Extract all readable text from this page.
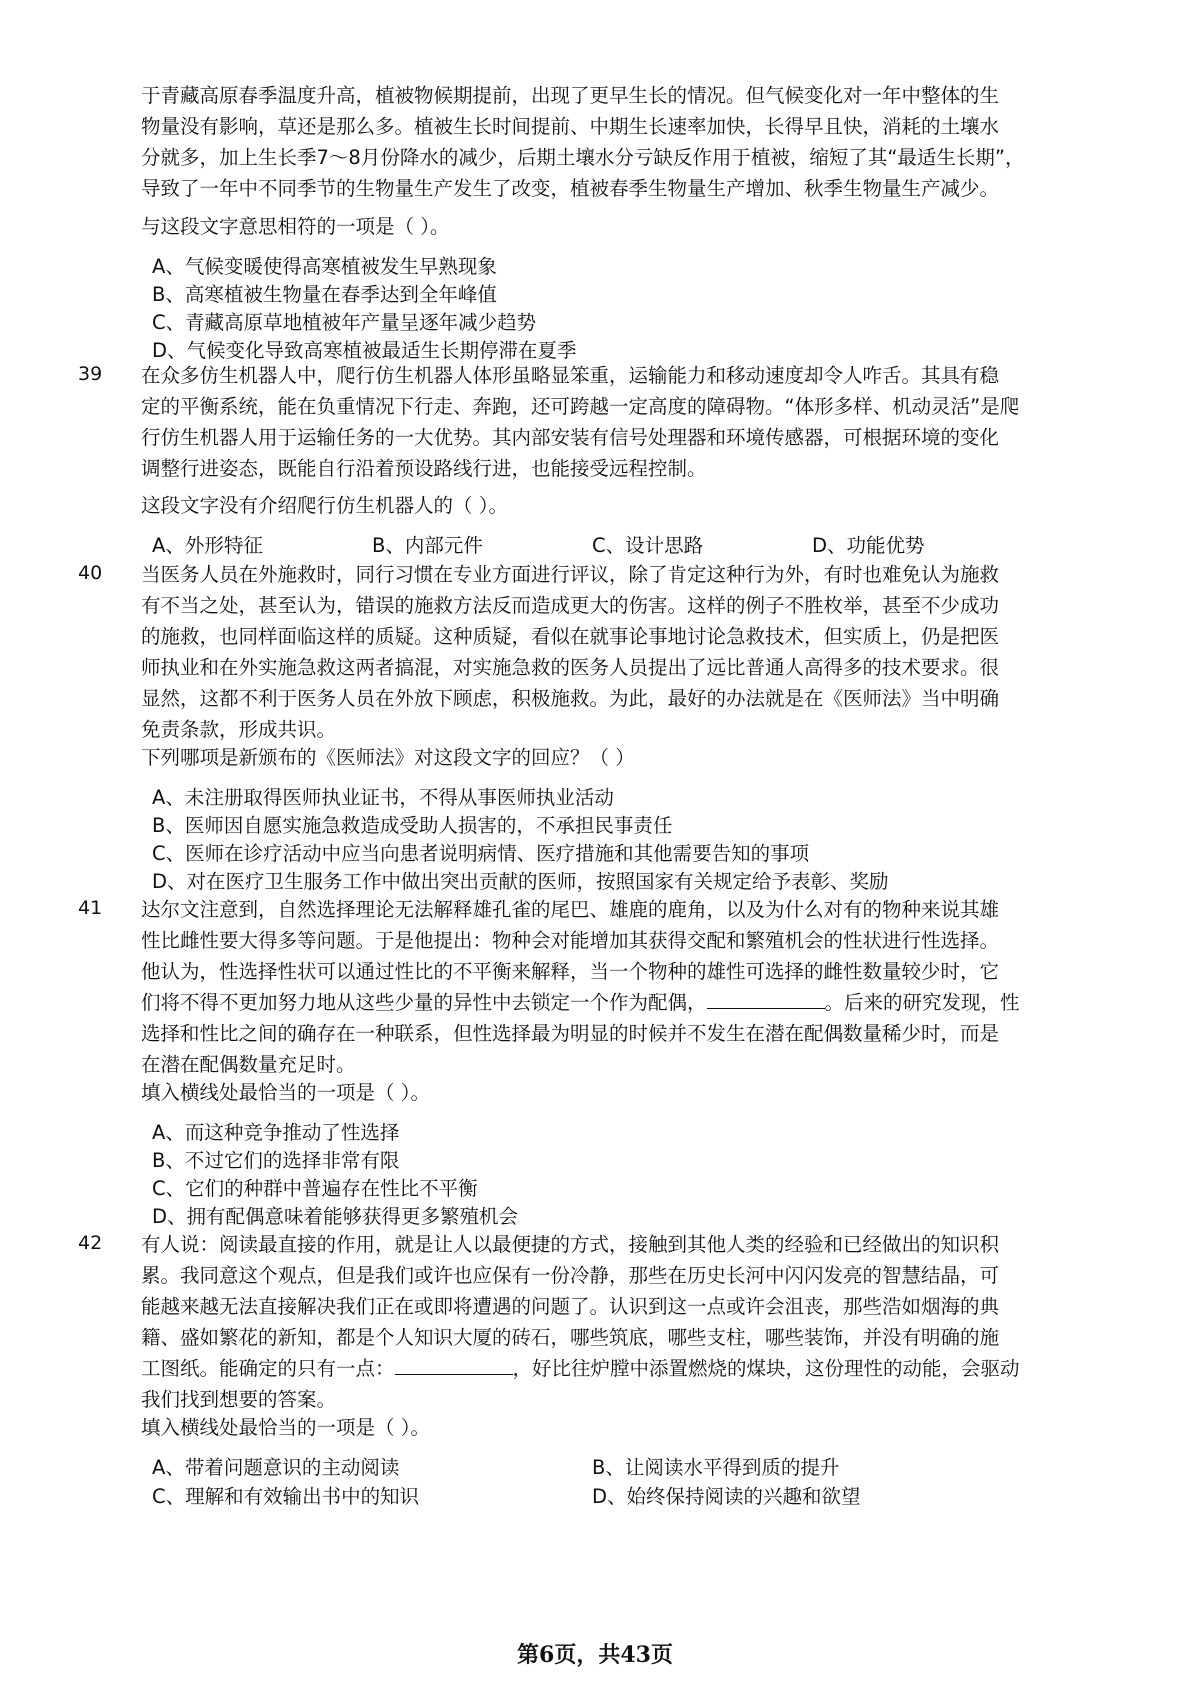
于青藏高原春季温度升高，植被物候期提前，出现了更早生长的情况。但气候变化对一年中整体的生
物量没有影响，草还是那么多。植被生长时间提前、中期生长速率加快，长得早且快，消耗的土壤水
分就多，加上生长季7～8月份降水的减少，后期土壤水分亏缺反作用于植被，缩短了其“最适生长期”，
导致了一年中不同季节的生物量生产发生了改变，植被春季生物量生产增加、秋季生物量生产减少。

与这段文字意思相符的一项是（ ）。
A、气候变暖使得高寒植被发生早熟现象
B、高寒植被生物量在春季达到全年峰值
C、青藏高原草地植被年产量呈逐年减少趋势
D、气候变化导致高寒植被最适生长期停滞在夏季
39 在众多仿生机器人中，爬行仿生机器人体形虽略显笨重，运输能力和移动速度却令人咋舌。其具有稳
定的平衡系统，能在负重情况下行走、奔跑，还可跨越一定高度的障碍物。“体形多样、机动灵活”是爬
行仿生机器人用于运输任务的一大优势。其内部安装有信号处理器和环境传感器，可根据环境的变化
调整行进姿态，既能自行沿着预设路线行进，也能接受远程控制。

这段文字没有介绍爬行仿生机器人的（ ）。
A、外形特征	B、内部元件	C、设计思路	D、功能优势
40 当医务人员在外施救时，同行习惯在专业方面进行评议，除了肯定这种行为外，有时也难免认为施救
有不当之处，甚至认为，错误的施救方法反而造成更大的伤害。这样的例子不胜枚举，甚至不少成功
的施救，也同样面临这样的质疑。这种质疑，看似在就事论事地讨论急救技术，但实质上，仍是把医
师执业和在外实施急救这两者搞混，对实施急救的医务人员提出了远比普通人高得多的技术要求。很
显然，这都不利于医务人员在外放下顾虑，积极施救。为此，最好的办法就是在《医师法》当中明确
免责条款，形成共识。

下列哪项是新颁布的《医师法》对这段文字的回应？（ ）
A、未注册取得医师执业证书，不得从事医师执业活动
B、医师因自愿实施急救造成受助人损害的，不承担民事责任
C、医师在诊疗活动中应当向患者说明病情、医疗措施和其他需要告知的事项
D、对在医疗卫生服务工作中做出突出贡献的医师，按照国家有关规定给予表彰、奖励
41 达尔文注意到，自然选择理论无法解释雄孔雀的尾巴、雄鹿的鹿角，以及为什么对有的物种来说其雄
性比雌性要大得多等问题。于是他提出：物种会对能增加其获得交配和繁殖机会的性状进行性选择。
他认为，性选择性状可以通过性比的不平衡来解释，当一个物种的雄性可选择的雌性数量较少时，它
们将不得不更加努力地从这些少量的异性中去锁定一个作为配偶，	。后来的研究发现，性
选择和性比之间的确存在一种联系，但性选择最为明显的时候并不发生在潜在配偶数量稀少时，而是
在潜在配偶数量充足时。

填入横线处最恰当的一项是（ ）。
A、而这种竞争推动了性选择
B、不过它们的选择非常有限
C、它们的种群中普遍存在性比不平衡
D、拥有配偶意味着能够获得更多繁殖机会
42 有人说：阅读最直接的作用，就是让人以最便捷的方式，接触到其他人类的经验和已经做出的知识积
累。我同意这个观点，但是我们或许也应保有一份冷静，那些在历史长河中闪闪发亮的智慧结晶，可
能越来越无法直接解决我们正在或即将遭遇的问题了。认识到这一点或许会沮丧，那些浩如烟海的典
籍、盛如繁花的新知，都是个人知识大厦的砖石，哪些筑底，哪些支柱，哪些装饰，并没有明确的施
工图纸。能确定的只有一点：	，好比往炉膛中添置燃烧的煤块，这份理性的动能，会驱动
我们找到想要的答案。

填入横线处最恰当的一项是（ ）。
A、带着问题意识的主动阅读	B、让阅读水平得到质的提升
C、理解和有效输出书中的知识	D、始终保持阅读的兴趣和欲望
第6页，共43页
